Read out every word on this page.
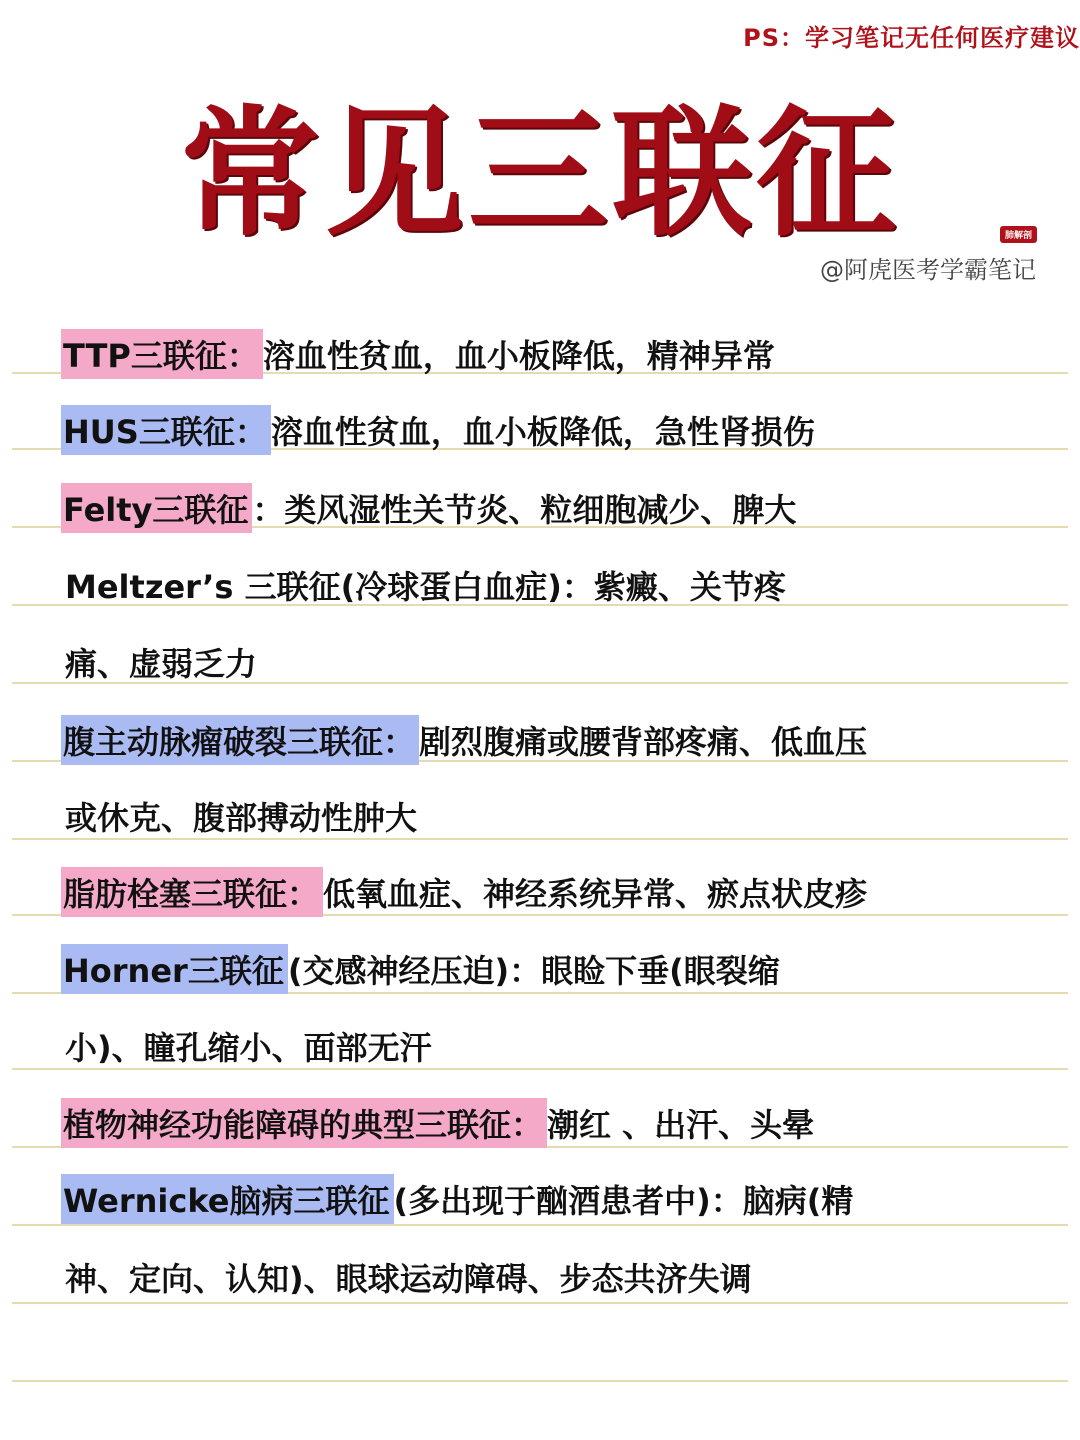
PS：学习笔记无任何医疗建议
常见三联征	肺解剖
@阿虎医考学霸笔记
TTP三联征： 溶血性贫血，血小板降低，精神异常
HUS三联征： 溶血性贫血，血小板降低，急性肾损伤
Felty三联征 ：类风湿性关节炎、粒细胞减少、脾大
Meltzer’s 三联征(冷球蛋白血症)：紫癜、关节疼
痛、虚弱乏力
腹主动脉瘤破裂三联征： 剧烈腹痛或腰背部疼痛、低血压
或休克、腹部搏动性肿大
脂肪栓塞三联征： 低氧血症、神经系统异常、瘀点状皮疹
Horner三联征 (交感神经压迫)：眼睑下垂(眼裂缩
小)、瞳孔缩小、面部无汗
植物神经功能障碍的典型三联征： 潮红 、出汗、头晕
Wernicke脑病三联征 (多出现于酗酒患者中)：脑病(精
神、定向、认知)、眼球运动障碍、步态共济失调
